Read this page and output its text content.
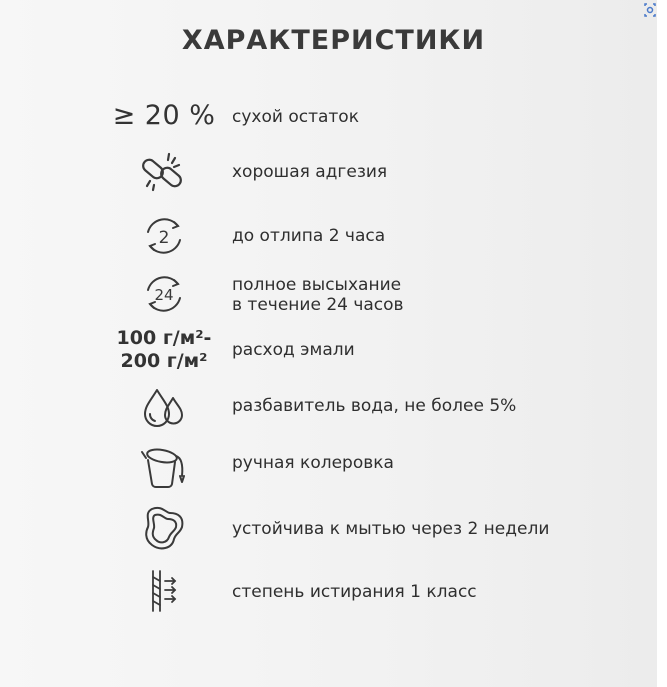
ХАРАКТЕРИСТИКИ
≥ 20 % сухой остаток
хорошая адгезия
2	до отлипа 2 часа
24	полное высыхание
в течение 24 часов
100 г/м²-
200 г/м²	расход эмали
разбавитель вода, не более 5%
ручная колеровка
устойчива к мытью через 2 недели
степень истирания 1 класс
